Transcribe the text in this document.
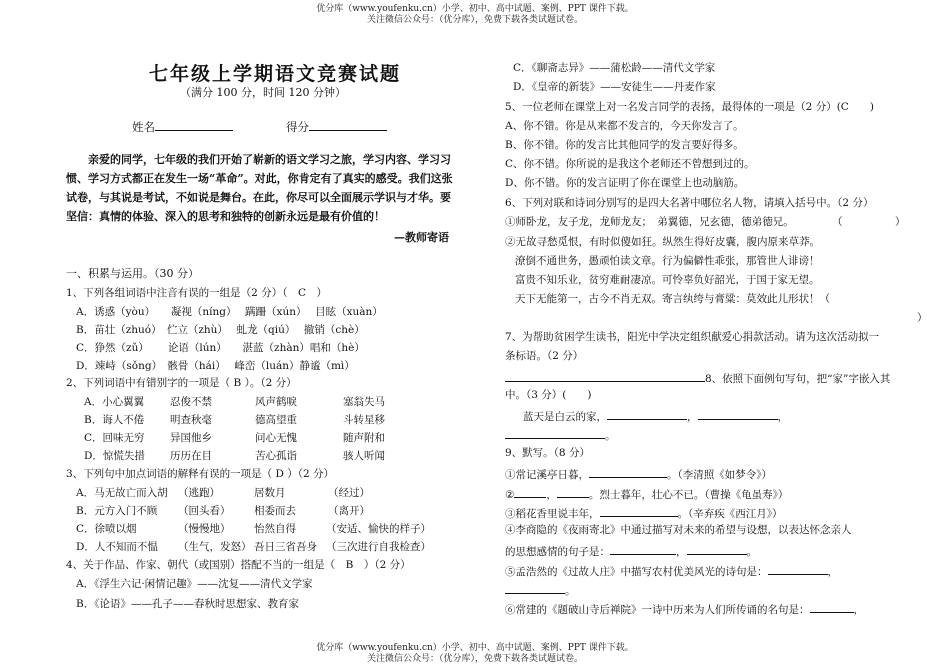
优分库（www.youfenku.cn）小学、初中、高中试题、案例、PPT 课件下载。
关注微信公众号：（优分库），免费下载各类试题试卷。
优分库（www.youfenku.cn）小学、初中、高中试题、案例、PPT 课件下载。
关注微信公众号：（优分库），免费下载各类试题试卷。
七年级上学期语文竞赛试题
（满分 100 分，时间 120 分钟）
姓名	得分
亲爱的同学，七年级的我们开始了崭新的语文学习之旅，学习内容、学习习惯、学习方式都正在发生一场“革命”。对此，你肯定有了真实的感受。我们这张试卷，与其说是考试，不如说是舞台。在此，你尽可以全面展示学识与才华。要坚信：真情的体验、深入的思考和独特的创新永远是最有价值的！
—教师寄语
一、积累与运用。（30 分）
1、下列各组词语中注音有误的一组是（2 分）（　C　）
A．诱惑（yòu）　　凝视（níng）　 蹒跚（xún）　 目眩（xuàn）
B．苗壮（zhuó）　伫立（zhù）　 虬龙（qiú）　 撤销（chè）
C．狰然（zǔ）　　 论语（lún）　　湛蓝（zhàn）唱和（hè）
D．竦峙（sǒng）　骸骨（hái）　 峰峦（luán）静谧（mì）
2、下列词语中有错别字的一项是（ B ）。（2 分）
A．小心翼翼 忍俊不禁	风声鹤唳	塞翁失马
B．诲人不倦 明查秋毫	德高望重	斗转星移
C．回味无穷 异国他乡	问心无愧	随声附和
D．惊慌失措 历历在目	苦心孤诣	骇人听闻
3、下列句中加点词语的解释有误的一项是（ D ）（2 分）
A．马无故亡而入胡 （逃跑）	居数月	（经过）
B．元方入门不顾 （回头看） 相委而去	（离开）
C．徐喷以烟	（慢慢地） 怡然自得	（安适、愉快的样子）
D．人不知而不愠 （生气，发怒） 吾日三省吾身 （三次进行自我检查）
4、关于作品、作家、朝代（或国别）搭配不当的一组是（　B　）（2 分）
A．《浮生六记·闲情记趣》——沈复——清代文学家
B．《论语》——孔子——春秋时思想家、教育家
C．《聊斋志异》——蒲松龄——清代文学家
D．《皇帝的新装》——安徒生——丹麦作家
5、一位老师在课堂上对一名发言同学的表扬，最得体的一项是（2 分）(C　　)
A、你不错。你是从来都不发言的，今天你发言了。
B、你不错。你的发言比其他同学的发言要好得多。
C、你不错。你所说的是我这个老师还不曾想到过的。
D、你不错。你的发言证明了你在课堂上也动脑筋。
6、下列对联和诗词分别写的是四大名著中哪位名人物，请填入括号中。（2 分）
①师卧龙，友子龙，龙师龙友；　弟翼德，兄玄德，德弟德兄。	（　　　　　）
②无故寻愁觅恨，有时似傻如狂。纵然生得好皮囊，腹内原来草莽。
潦倒不通世务，愚顽怕读文章。行为偏僻性乖张，那管世人诽谤！
富贵不知乐业，贫穷难耐凄凉。可怜辜负好韶光，于国于家无望。
天下无能第一，古今不肖无双。寄言纨绔与膏粱：莫效此儿形状！（
）
7、为帮助贫困学生读书，阳光中学决定组织献爱心捐款活动。请为这次活动拟一
条标语。（2 分）
8、依照下面例句写句，把“家”字嵌入其
中。（3 分）(　　)
蓝天是白云的家，	，	，
。
9、默写。（8 分）
①常记溪亭日暮，	。（李清照《如梦令》）
②	，	。烈士暮年，壮心不已。（曹操《龟虽寿》）
③稻花香里说丰年，	。（辛弃疾《西江月》）
④李商隐的《夜雨寄北》中通过描写对未来的希望与设想，以表达怀念亲人
的思想感情的句子是：	，	。
⑤孟浩然的《过故人庄》中描写农村优美风光的诗句是：	，
。
⑥常建的《题破山寺后禅院》一诗中历来为人们所传诵的名句是：	，
